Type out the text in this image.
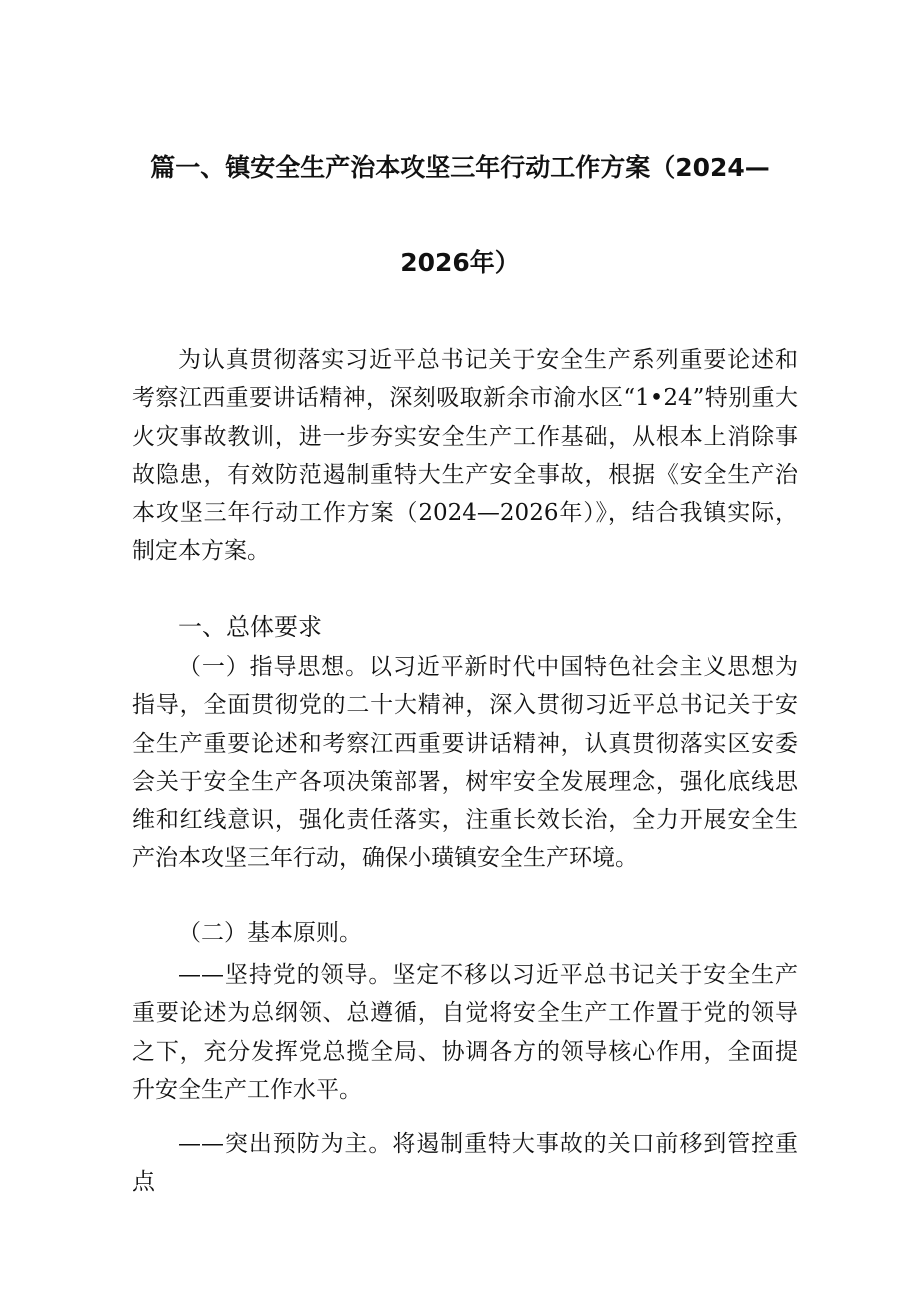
篇一、镇安全生产治本攻坚三年行动工作方案（2024—
2026年）
为认真贯彻落实习近平总书记关于安全生产系列重要论述和考察江西重要讲话精神，深刻吸取新余市渝水区“1•24”特别重大火灾事故教训，进一步夯实安全生产工作基础，从根本上消除事故隐患，有效防范遏制重特大生产安全事故，根据《安全生产治本攻坚三年行动工作方案（2024—2026年）》，结合我镇实际，制定本方案。
一、总体要求
（一）指导思想。以习近平新时代中国特色社会主义思想为指导，全面贯彻党的二十大精神，深入贯彻习近平总书记关于安全生产重要论述和考察江西重要讲话精神，认真贯彻落实区安委会关于安全生产各项决策部署，树牢安全发展理念，强化底线思维和红线意识，强化责任落实，注重长效长治，全力开展安全生产治本攻坚三年行动，确保小璜镇安全生产环境。
（二）基本原则。
——坚持党的领导。坚定不移以习近平总书记关于安全生产重要论述为总纲领、总遵循，自觉将安全生产工作置于党的领导之下，充分发挥党总揽全局、协调各方的领导核心作用，全面提升安全生产工作水平。
——突出预防为主。将遏制重特大事故的关口前移到管控重点
